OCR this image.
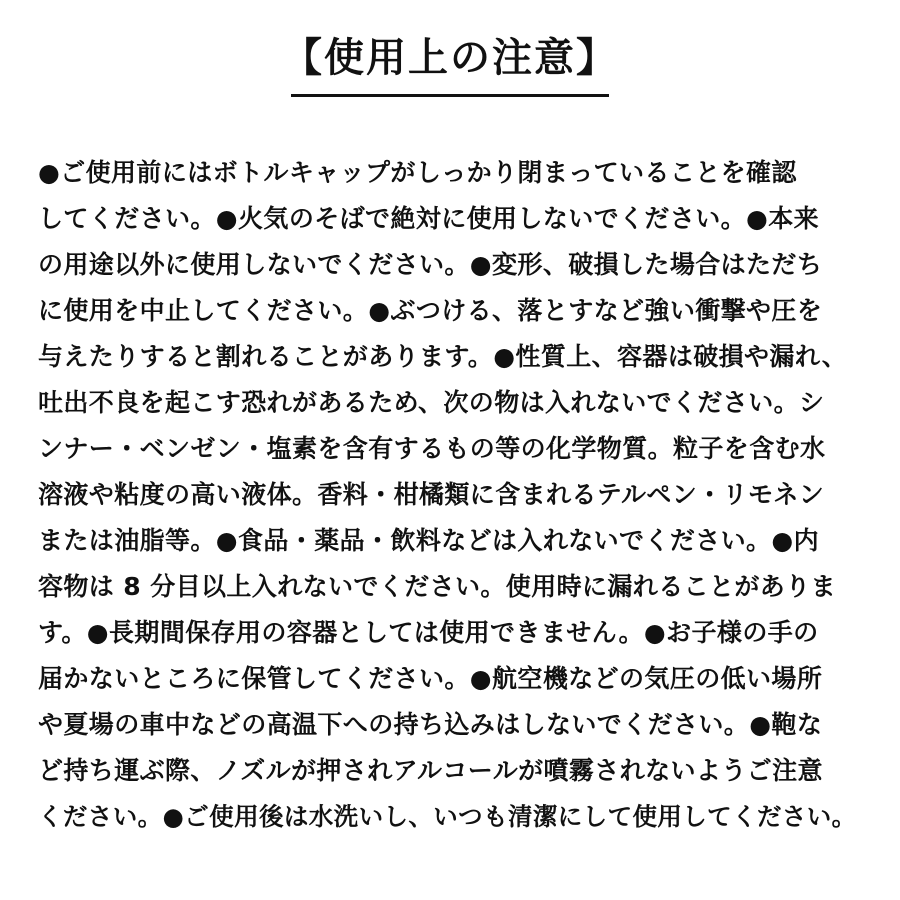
【使用上の注意】
●ご使用前にはボトルキャップがしっかり閉まっていることを確認
してください。●火気のそばで絶対に使用しないでください。●本来
の用途以外に使用しないでください。●変形、破損した場合はただち
に使用を中止してください。●ぶつける、落とすなど強い衝撃や圧を
与えたりすると割れることがあります。●性質上、容器は破損や漏れ、
吐出不良を起こす恐れがあるため、次の物は入れないでください。シ
ンナー・ベンゼン・塩素を含有するもの等の化学物質。粒子を含む水
溶液や粘度の高い液体。香料・柑橘類に含まれるテルペン・リモネン
または油脂等。●食品・薬品・飲料などは入れないでください。●内
容物は 8 分目以上入れないでください。使用時に漏れることがありま
す。●長期間保存用の容器としては使用できません。●お子様の手の
届かないところに保管してください。●航空機などの気圧の低い場所
や夏場の車中などの高温下への持ち込みはしないでください。●鞄な
ど持ち運ぶ際、ノズルが押されアルコールが噴霧されないようご注意
ください。●ご使用後は水洗いし、いつも清潔にして使用してください。
